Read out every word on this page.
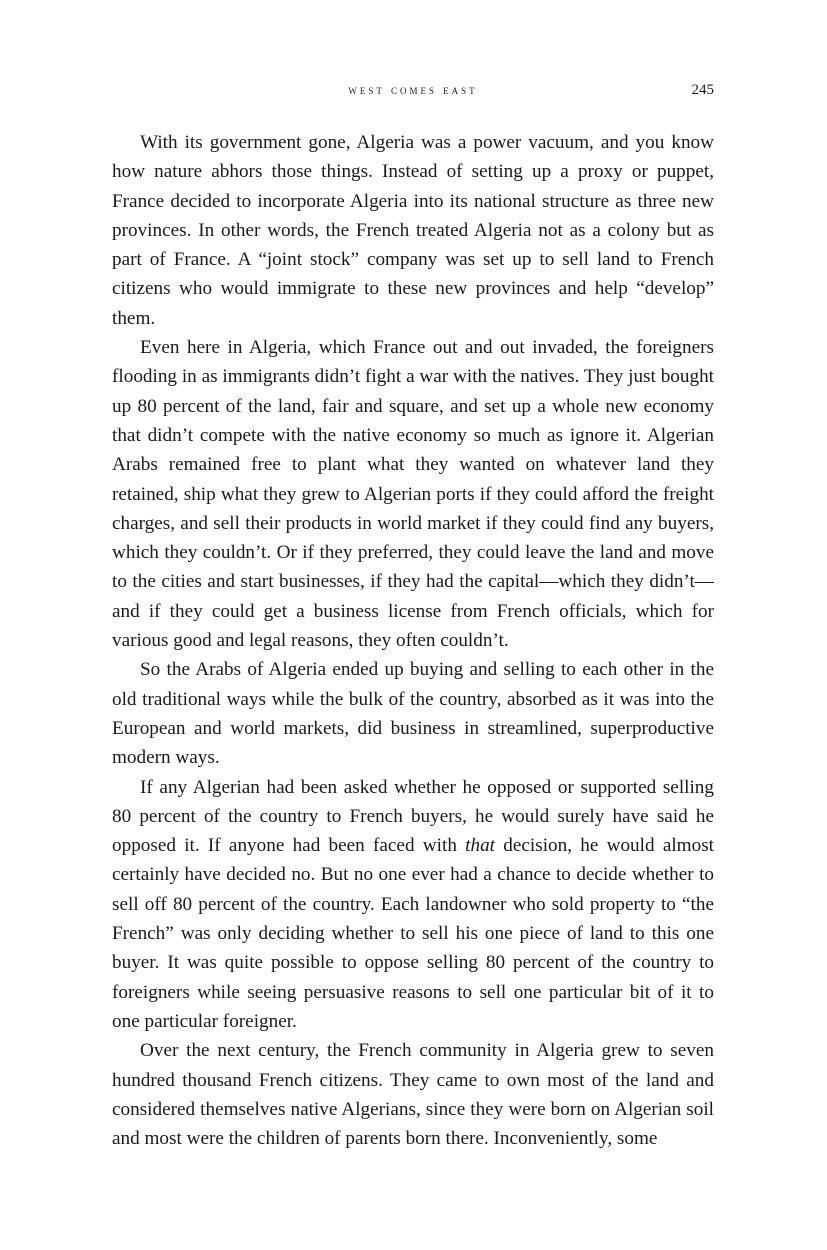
west comes east	245

With its government gone, Algeria was a power vacuum, and you know how nature abhors those things. Instead of setting up a proxy or puppet, France decided to incorporate Algeria into its national structure as three new provinces. In other words, the French treated Algeria not as a colony but as part of France. A “joint stock” company was set up to sell land to French citizens who would immigrate to these new provinces and help “develop” them.

Even here in Algeria, which France out and out invaded, the foreigners flooding in as immigrants didn’t fight a war with the natives. They just bought up 80 percent of the land, fair and square, and set up a whole new economy that didn’t compete with the native economy so much as ignore it. Algerian Arabs remained free to plant what they wanted on whatever land they retained, ship what they grew to Algerian ports if they could afford the freight charges, and sell their products in world market if they could find any buyers, which they couldn’t. Or if they preferred, they could leave the land and move to the cities and start businesses, if they had the capital—which they didn’t—and if they could get a business license from French officials, which for various good and legal reasons, they often couldn’t.

So the Arabs of Algeria ended up buying and selling to each other in the old traditional ways while the bulk of the country, absorbed as it was into the European and world markets, did business in streamlined, superproductive modern ways.

If any Algerian had been asked whether he opposed or supported selling 80 percent of the country to French buyers, he would surely have said he opposed it. If anyone had been faced with that decision, he would almost certainly have decided no. But no one ever had a chance to decide whether to sell off 80 percent of the country. Each landowner who sold property to “the French” was only deciding whether to sell his one piece of land to this one buyer. It was quite possible to oppose selling 80 percent of the country to foreigners while seeing persuasive reasons to sell one particular bit of it to one particular foreigner.

Over the next century, the French community in Algeria grew to seven hundred thousand French citizens. They came to own most of the land and considered themselves native Algerians, since they were born on Algerian soil and most were the children of parents born there. Inconveniently, some
